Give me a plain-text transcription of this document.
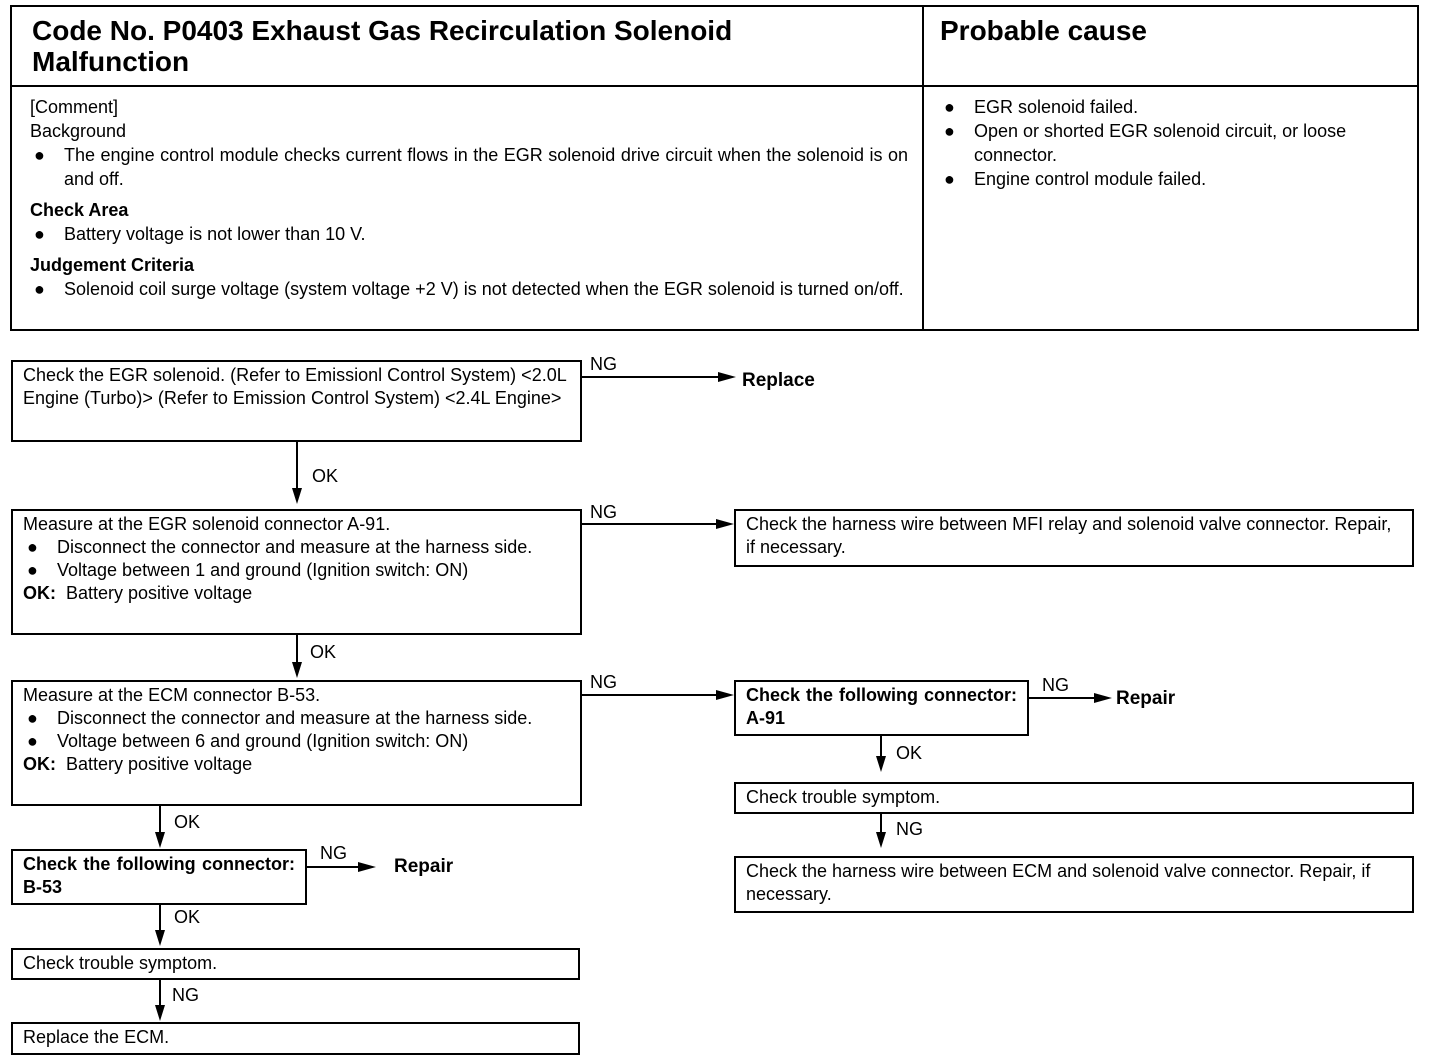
Code No. P0403 Exhaust Gas Recirculation Solenoid Malfunction
Probable cause
[Comment]
Background
● The engine control module checks current flows in the EGR solenoid drive circuit when the solenoid is on and off.
Check Area
● Battery voltage is not lower than 10 V.
Judgement Criteria
● Solenoid coil surge voltage (system voltage +2 V) is not detected when the EGR solenoid is turned on/off.
● EGR solenoid failed.
● Open or shorted EGR solenoid circuit, or loose connector.
● Engine control module failed.
Check the EGR solenoid. (Refer to Emissionl Control System) <2.0L Engine (Turbo)> (Refer to Emission Control System) <2.4L Engine>
NG
Replace
OK
Measure at the EGR solenoid connector A-91.
● Disconnect the connector and measure at the harness side.
● Voltage between 1 and ground (Ignition switch: ON)
OK: Battery positive voltage
NG
Check the harness wire between MFI relay and solenoid valve connector. Repair, if necessary.
OK
Measure at the ECM connector B-53.
● Disconnect the connector and measure at the harness side.
● Voltage between 6 and ground (Ignition switch: ON)
OK: Battery positive voltage
NG
Check the following connector: A-91
NG
Repair
OK
Check trouble symptom.
NG
Check the harness wire between ECM and solenoid valve connector. Repair, if necessary.
OK
Check the following connector: B-53
NG
Repair
OK
Check trouble symptom.
NG
Replace the ECM.
